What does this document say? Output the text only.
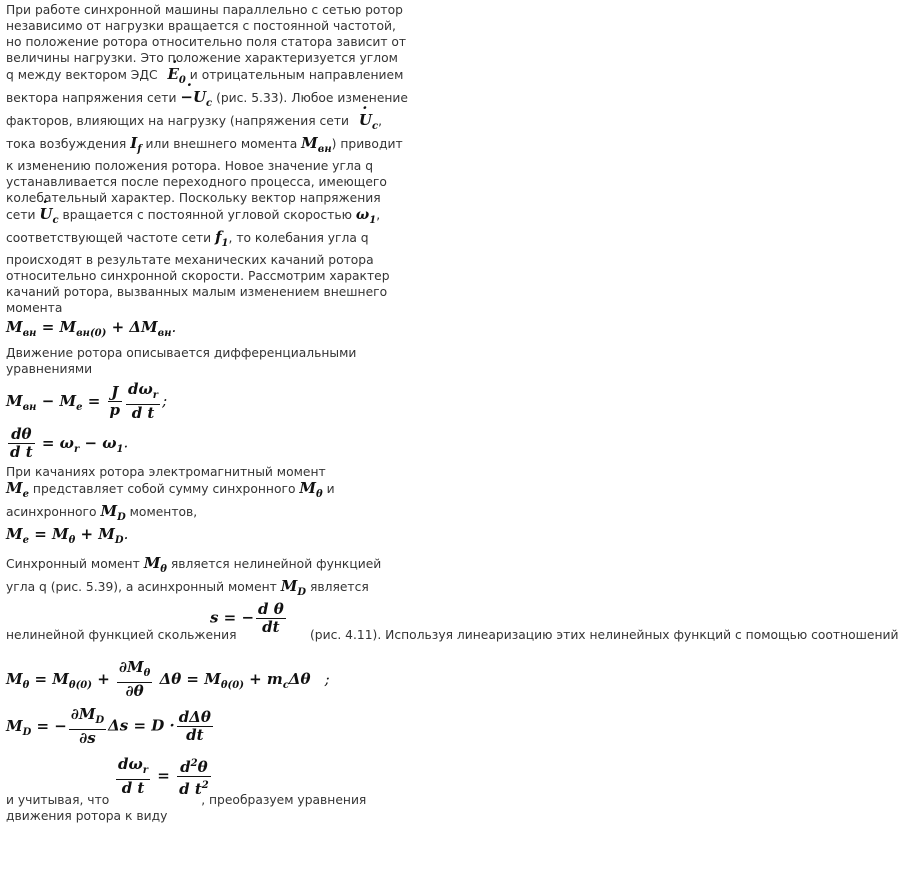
При работе синхронной машины параллельно с сетью ротор независимо от нагрузки вращается с постоянной частотой, но положение ротора относительно поля статора зависит от величины нагрузки. Это положение характеризуется углом q между вектором ЭДС · $E_0$ и отрицательным направлением вектора напряжения сети · $-U_c$ (рис. 5.33). Любое изменение факторов, влияющих на нагрузку (напряжения сети · $U_c$, тока возбуждения $I_f$ или внешнего момента $M_{вн}$) приводит к изменению положения ротора. Новое значение угла q устанавливается после переходного процесса, имеющего колебательный характер. Поскольку вектор напряжения сети · $U_c$ вращается с постоянной угловой скоростью $\omega_1$, соответствующей частоте сети $f_1$, то колебания угла q происходят в результате механических качаний ротора относительно синхронной скорости. Рассмотрим характер качаний ротора, вызванных малым изменением внешнего момента

$M_{вн} = M_{вн(0)} + \Delta M_{вн}$.

Движение ротора описывается дифференциальными уравнениями

$M_{вн} - M_e = \frac{J}{p} \frac{d\omega_r}{\text{d t}}$ ;
$\frac{d\theta}{\text{d t}} = \omega_r - \omega_1$.

При качаниях ротора электромагнитный момент
$M_e$ представляет собой сумму синхронного $M_\theta$ и асинхронного $M_D$ моментов,

$M_e = M_\theta + M_D$.

Синхронный момент $M_\theta$ является нелинейной функцией угла q (рис. 5.39), а асинхронный момент $M_D$ является

s = − $\frac{\text{d θ}}{dt}$
нелинейной функцией скольжения	(рис. 4.11). Используя линеаризацию этих нелинейных функций с помощью соотношений

$M_\theta = M_{\theta(0)} + \frac{\partial M_\theta}{\partial\theta}$ $\Delta\theta = M_{\theta(0)} + m_c\Delta\theta$ ;
$M_D$ = − $\frac{\partial M_D}{\partial s}$ $\Delta s = D \cdot \frac{\text{dΔθ}}{dt}$
$\frac{d\omega_r}{\text{d t}} = \frac{d^2\theta}{d t^2}$

и учитывая, что	, преобразуем уравнения движения ротора к виду
